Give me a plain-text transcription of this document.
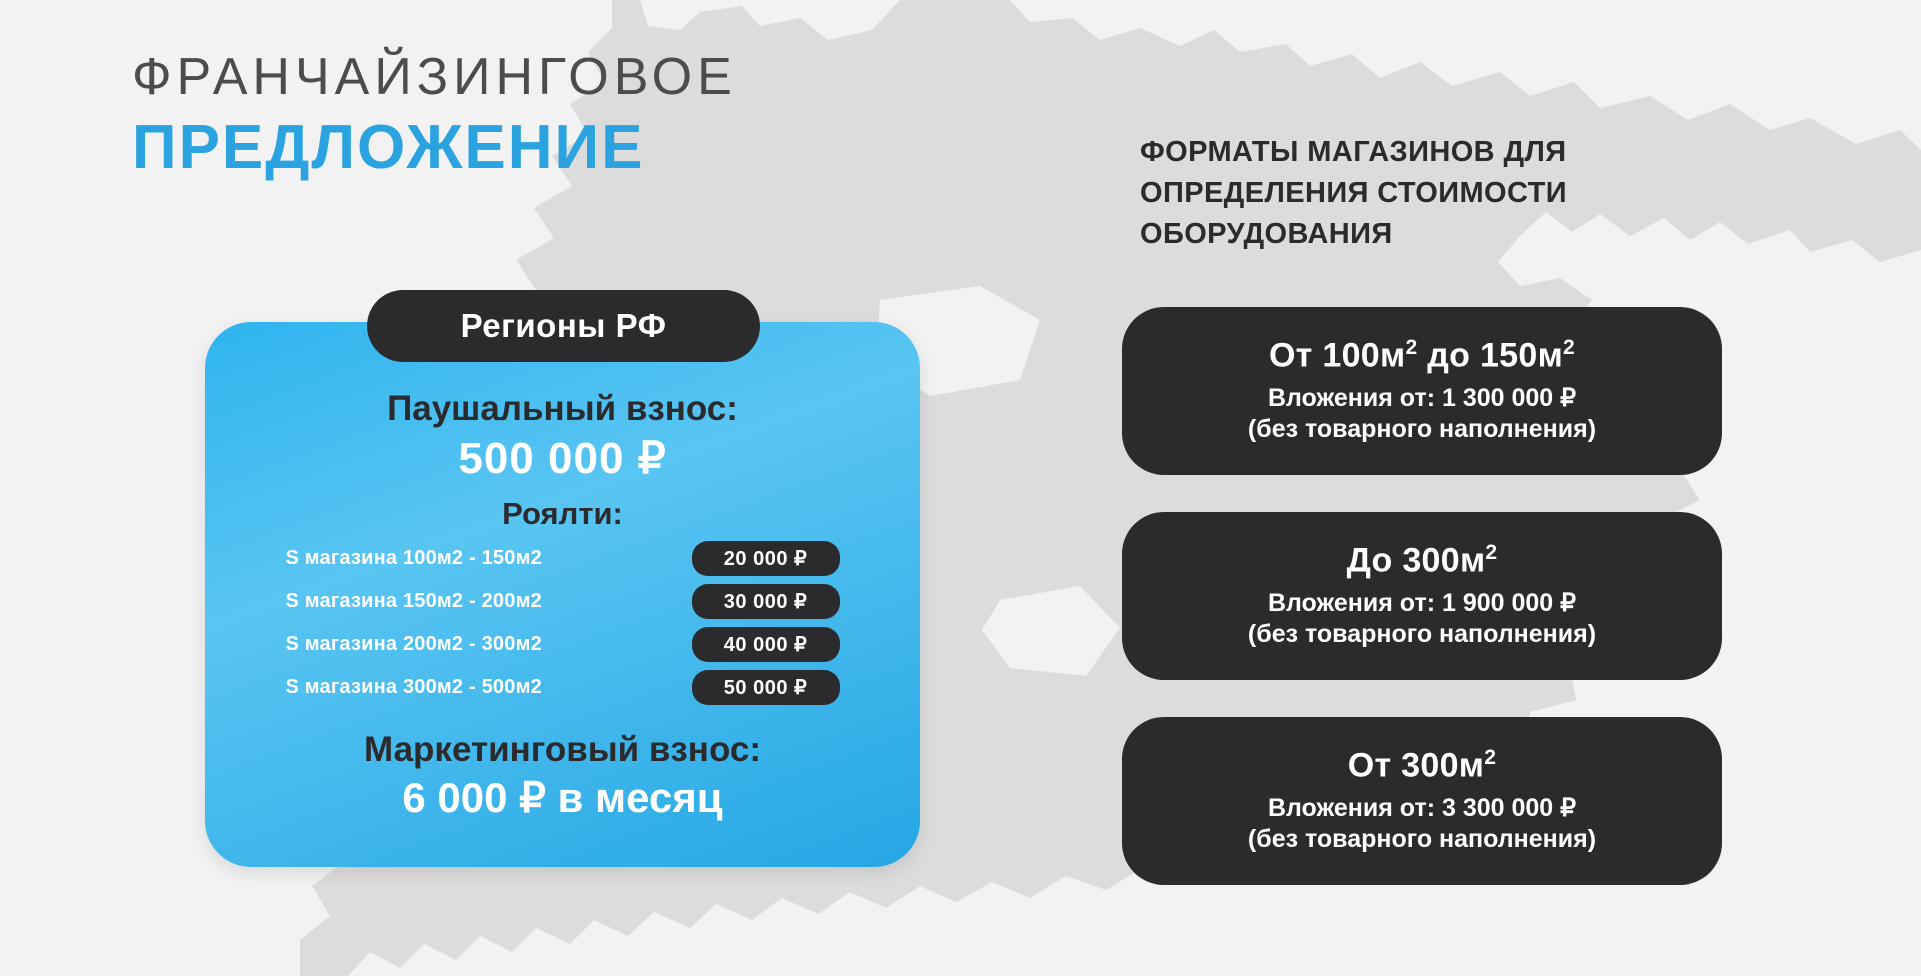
ФРАНЧАЙЗИНГОВОЕ
ПРЕДЛОЖЕНИЕ
Регионы РФ
Паушальный взнос:
500 000 ₽
Роялти:
S магазина 100м2 - 150м2	20 000 ₽
S магазина 150м2 - 200м2	30 000 ₽
S магазина 200м2 - 300м2	40 000 ₽
S магазина 300м2 - 500м2	50 000 ₽
Маркетинговый взнос:
6 000 ₽ в месяц
ФОРМАТЫ МАГАЗИНОВ ДЛЯ ОПРЕДЕЛЕНИЯ СТОИМОСТИ ОБОРУДОВАНИЯ
От $100м^2$ до $150м^2$
Вложения от: 1 300 000 ₽
(без товарного наполнения)
До $300м^2$
Вложения от: 1 900 000 ₽
(без товарного наполнения)
От $300м^2$
Вложения от: 3 300 000 ₽
(без товарного наполнения)
